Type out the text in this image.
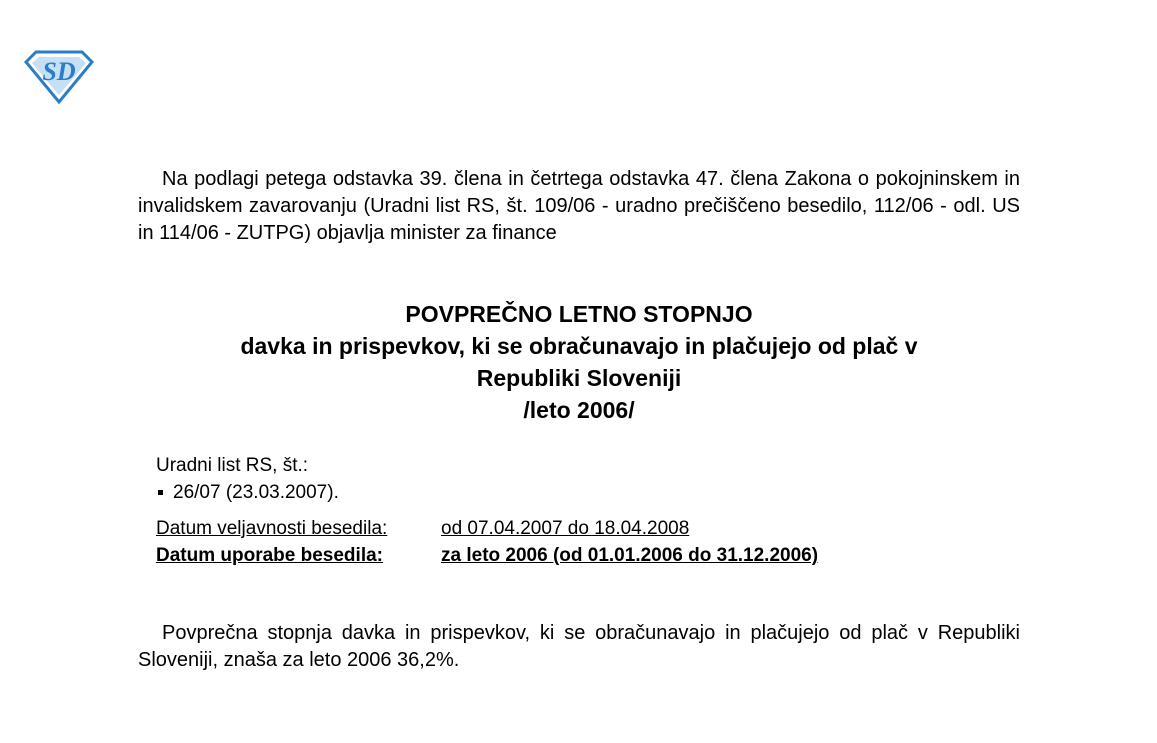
SD

Na podlagi petega odstavka 39. člena in četrtega odstavka 47. člena Zakona o pokojninskem in invalidskem zavarovanju (Uradni list RS, št. 109/06 - uradno prečiščeno besedilo, 112/06 - odl. US in 114/06 - ZUTPG) objavlja minister za finance

POVPREČNO LETNO STOPNJO
davka in prispevkov, ki se obračunavajo in plačujejo od plač v
Republiki Sloveniji
/leto 2006/
Uradni list RS, št.:
26/07 (23.03.2007).
Datum veljavnosti besedila:	od 07.04.2007 do 18.04.2008
Datum uporabe besedila:	za leto 2006 (od 01.01.2006 do 31.12.2006)

Povprečna stopnja davka in prispevkov, ki se obračunavajo in plačujejo od plač v Republiki Sloveniji, znaša za leto 2006 36,2%.
